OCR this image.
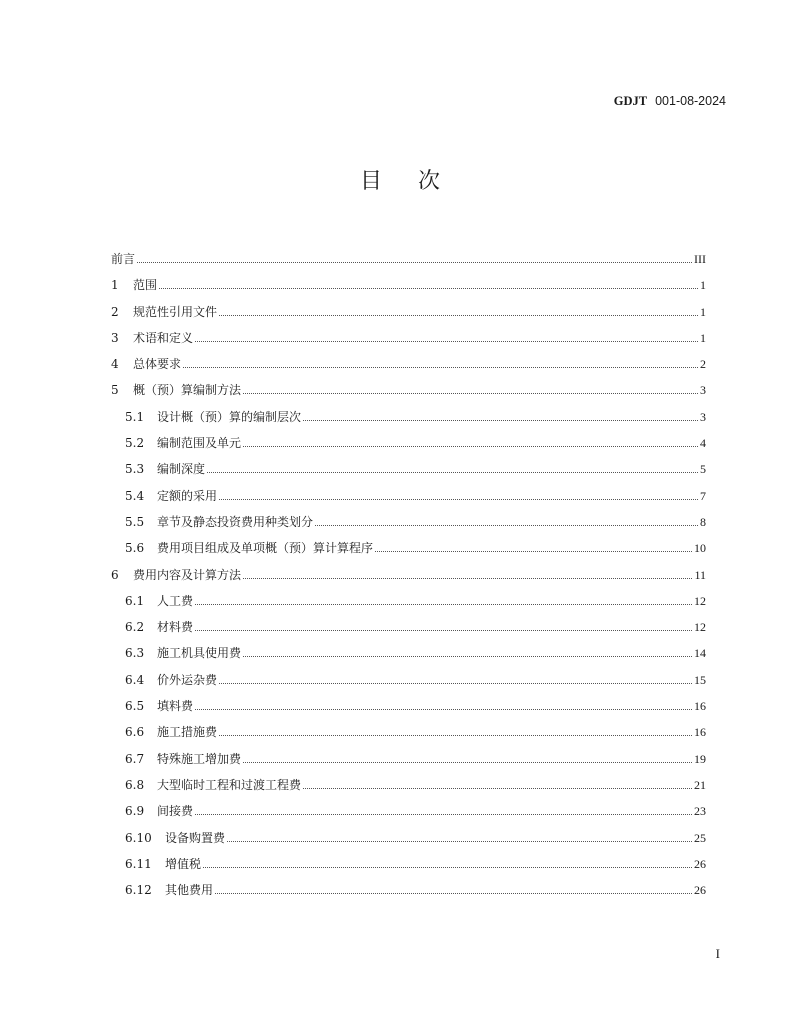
GDJT 001-08-2024
目次
前言	III
1	范围	1
2	规范性引用文件	1
3	术语和定义	1
4	总体要求	2
5	概（预）算编制方法	3
5.1	设计概（预）算的编制层次	3
5.2	编制范围及单元	4
5.3	编制深度	5
5.4	定额的采用	7
5.5	章节及静态投资费用种类划分	8
5.6	费用项目组成及单项概（预）算计算程序	10
6	费用内容及计算方法	11
6.1	人工费	12
6.2	材料费	12
6.3	施工机具使用费	14
6.4	价外运杂费	15
6.5	填料费	16
6.6	施工措施费	16
6.7	特殊施工增加费	19
6.8	大型临时工程和过渡工程费	21
6.9	间接费	23
6.10	设备购置费	25
6.11	增值税	26
6.12	其他费用	26
I
